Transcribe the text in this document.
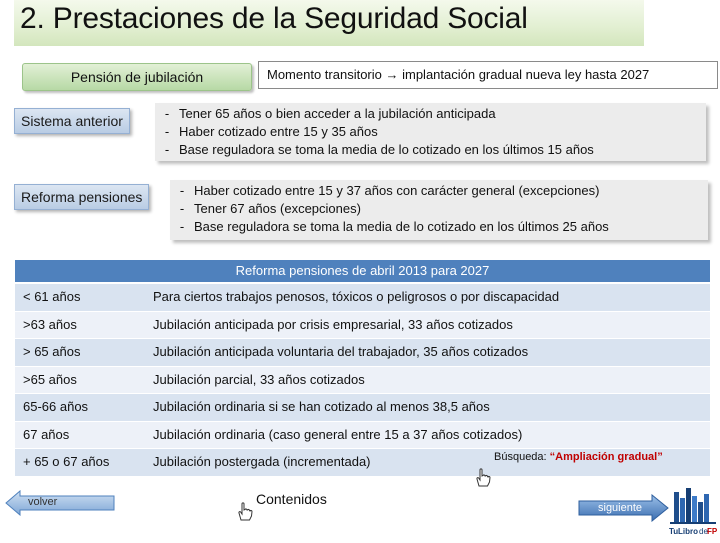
2. Prestaciones de la Seguridad Social
Pensión de jubilación	Momento transitorio → implantación gradual nueva ley hasta 2027
Sistema anterior	- Tener 65 años o bien acceder a la jubilación anticipada
- Haber cotizado entre 15 y 35 años
- Base reguladora se toma la media de lo cotizado en los últimos 15 años
Reforma pensiones	- Haber cotizado entre 15 y 37 años con carácter general (excepciones)
- Tener 67 años (excepciones)
- Base reguladora se toma la media de lo cotizado en los últimos 25 años
Reforma pensiones de abril 2013 para 2027
< 61 años	Para ciertos trabajos penosos, tóxicos o peligrosos o por discapacidad
>63 años	Jubilación anticipada por crisis empresarial, 33 años cotizados
> 65 años	Jubilación anticipada voluntaria del trabajador, 35 años cotizados
>65 años	Jubilación parcial, 33 años cotizados
65-66 años	Jubilación ordinaria si se han cotizado al menos 38,5 años
67 años	Jubilación ordinaria (caso general entre 15 a 37 años cotizados)
+ 65 o 67 años	Jubilación postergada (incrementada)	Búsqueda: “Ampliación gradual”
volver	Contenidos
siguiente
Tu Libro de FP
